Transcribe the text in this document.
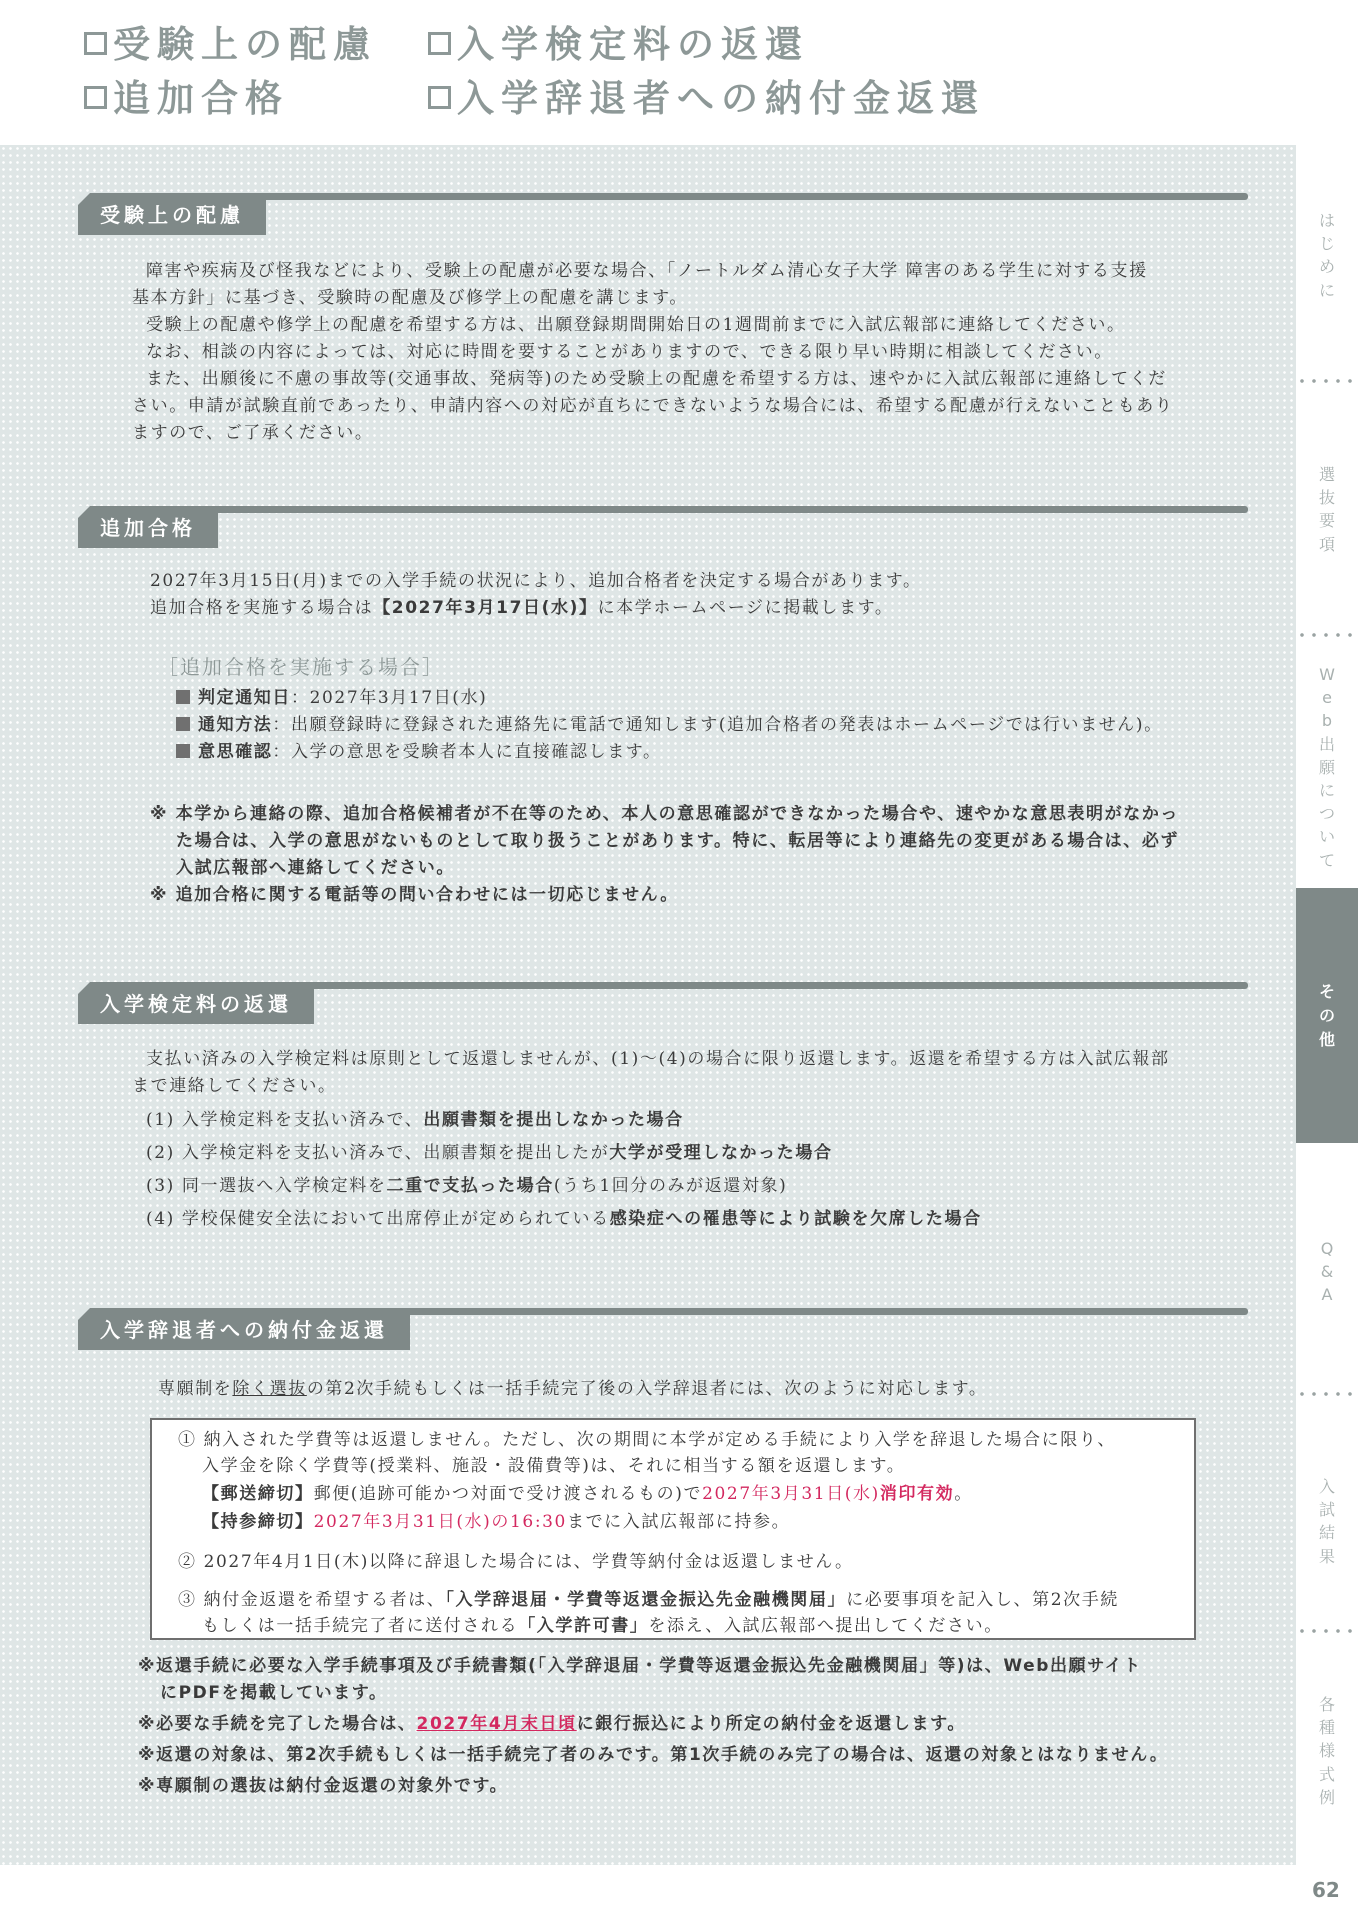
受験上の配慮	入学検定料の返還
追加合格	入学辞退者への納付金返還
受験上の配慮
障害や疾病及び怪我などにより、受験上の配慮が必要な場合、「ノートルダム清心女子大学 障害のある学生に対する支援
基本方針」に基づき、受験時の配慮及び修学上の配慮を講じます。
受験上の配慮や修学上の配慮を希望する方は、出願登録期間開始日の1週間前までに入試広報部に連絡してください。
なお、相談の内容によっては、対応に時間を要することがありますので、できる限り早い時期に相談してください。
また、出願後に不慮の事故等(交通事故、発病等)のため受験上の配慮を希望する方は、速やかに入試広報部に連絡してくだ
さい。申請が試験直前であったり、申請内容への対応が直ちにできないような場合には、希望する配慮が行えないこともあり
ますので、ご了承ください。
追加合格
2027年3月15日(月)までの入学手続の状況により、追加合格者を決定する場合があります。
追加合格を実施する場合は【2027年3月17日(水)】に本学ホームページに掲載します。
［追加合格を実施する場合］
判定通知日：2027年3月17日(水)
通知方法：出願登録時に登録された連絡先に電話で通知します(追加合格者の発表はホームページでは行いません)。
意思確認：入学の意思を受験者本人に直接確認します。
※ 本学から連絡の際、追加合格候補者が不在等のため、本人の意思確認ができなかった場合や、速やかな意思表明がなかっ
た場合は、入学の意思がないものとして取り扱うことがあります。特に、転居等により連絡先の変更がある場合は、必ず
入試広報部へ連絡してください。
※ 追加合格に関する電話等の問い合わせには一切応じません。
入学検定料の返還
支払い済みの入学検定料は原則として返還しませんが、(1)～(4)の場合に限り返還します。返還を希望する方は入試広報部
まで連絡してください。
(1) 入学検定料を支払い済みで、出願書類を提出しなかった場合
(2) 入学検定料を支払い済みで、出願書類を提出したが大学が受理しなかった場合
(3) 同一選抜へ入学検定料を二重で支払った場合(うち1回分のみが返還対象)
(4) 学校保健安全法において出席停止が定められている感染症への罹患等により試験を欠席した場合
入学辞退者への納付金返還
専願制を除く選抜の第2次手続もしくは一括手続完了後の入学辞退者には、次のように対応します。
① 納入された学費等は返還しません。ただし、次の期間に本学が定める手続により入学を辞退した場合に限り、
入学金を除く学費等(授業料、施設・設備費等)は、それに相当する額を返還します。
【郵送締切】郵便(追跡可能かつ対面で受け渡されるもの)で2027年3月31日(水)消印有効。
【持参締切】2027年3月31日(水)の16:30までに入試広報部に持参。
② 2027年4月1日(木)以降に辞退した場合には、学費等納付金は返還しません。
③ 納付金返還を希望する者は、「入学辞退届・学費等返還金振込先金融機関届」に必要事項を記入し、第2次手続
もしくは一括手続完了者に送付される「入学許可書」を添え、入試広報部へ提出してください。
※返還手続に必要な入学手続事項及び手続書類(「入学辞退届・学費等返還金振込先金融機関届」等)は、Web出願サイト
にPDFを掲載しています。
※必要な手続を完了した場合は、2027年4月末日頃に銀行振込により所定の納付金を返還します。
※返還の対象は、第2次手続もしくは一括手続完了者のみです。第1次手続のみ完了の場合は、返還の対象とはなりません。
※専願制の選抜は納付金返還の対象外です。
は
じ
め
に
選
抜
要
項
W
e
b
出
願
に
つ
い
て
Q
&
A
入
試
結
果
各
種
様
式
例
そ
の
他
62
